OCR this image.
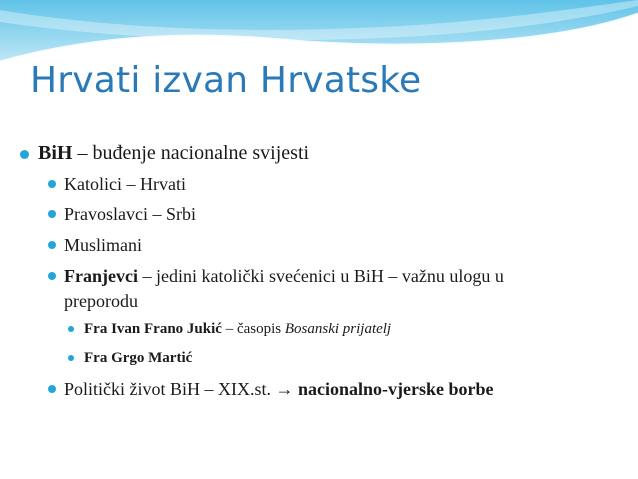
Hrvati izvan Hrvatske
BiH – buđenje nacionalne svijesti
Katolici – Hrvati
Pravoslavci – Srbi
Muslimani
Franjevci – jedini katolički svećenici u BiH – važnu ulogu u
preporodu
Fra Ivan Frano Jukić – časopis Bosanski prijatelj
Fra Grgo Martić
Politički život BiH – XIX.st. → nacionalno-vjerske borbe
